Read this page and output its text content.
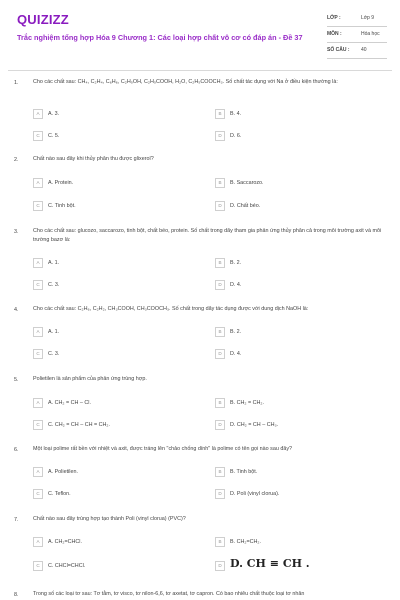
QUIZIZZ
Trắc nghiệm tổng hợp Hóa 9 Chương 1: Các loại hợp chất vô cơ có đáp án - Đề 37
LỚP :	Lớp 9
MÔN :	Hóa học
SỐ CÂU : 40
1.	Cho các chất sau: CH₄, C₂H₄, C₆H₆, C₂H₅OH, C₂H₅COOH, H₂O, C₂H₅COOCH₃. Số chất tác dụng với Na ở điều kiện thường là:
A	A. 3.	B	B. 4.
C	C. 5.	D	D. 6.
2.	Chất nào sau đây khi thủy phân thu được glixerol?
A	A. Protein.	B	B. Saccarozo.
C	C. Tinh bột.	D	D. Chất béo.
3.	Cho các chất sau: glucozo, saccarozo, tinh bột, chất béo, protein. Số chất trong dãy tham gia phản ứng thủy phân cả trong môi trường axit và môi trường bazơ là:
A	A. 1.	B	B. 2.
C	C. 3.	D	D. 4.
4.	Cho các chất sau: C₂H₆, C₂H₂, CH₃COOH, CH₃COOCH₃. Số chất trong dãy tác dụng được với dung dịch NaOH là:
A	A. 1.	B	B. 2.
C	C. 3.	D	D. 4.
5.	Polietilen là sản phẩm của phản ứng trùng hợp.
A	A. CH₂ = CH – Cl.	B	B. CH₂ = CH₂.
C	C. CH₂ = CH – CH = CH₂.	D	D. CH₂ = CH – CH₃.
6.	Một loại polime rất bền với nhiệt và axit, được tráng lên "chảo chống dính" là polime có tên gọi nào sau đây?
A	A. Polietilen.	B	B. Tinh bột.
C	C. Teflon.	D	D. Poli (vinyl clorua).
7.	Chất nào sau đây trùng hợp tạo thành Poli (vinyl clorua) (PVC)?
A	A. CH₂=CHCl.	B	B. CH₂=CH₂.
C	C. CHCl=CHCl.	D D. CH ≡ CH .
8.	Trong số các loại tơ sau: Tơ tằm, tơ visco, tơ nilon-6,6, tơ axetat, tơ capron. Có bao nhiêu chất thuộc loại tơ nhân
